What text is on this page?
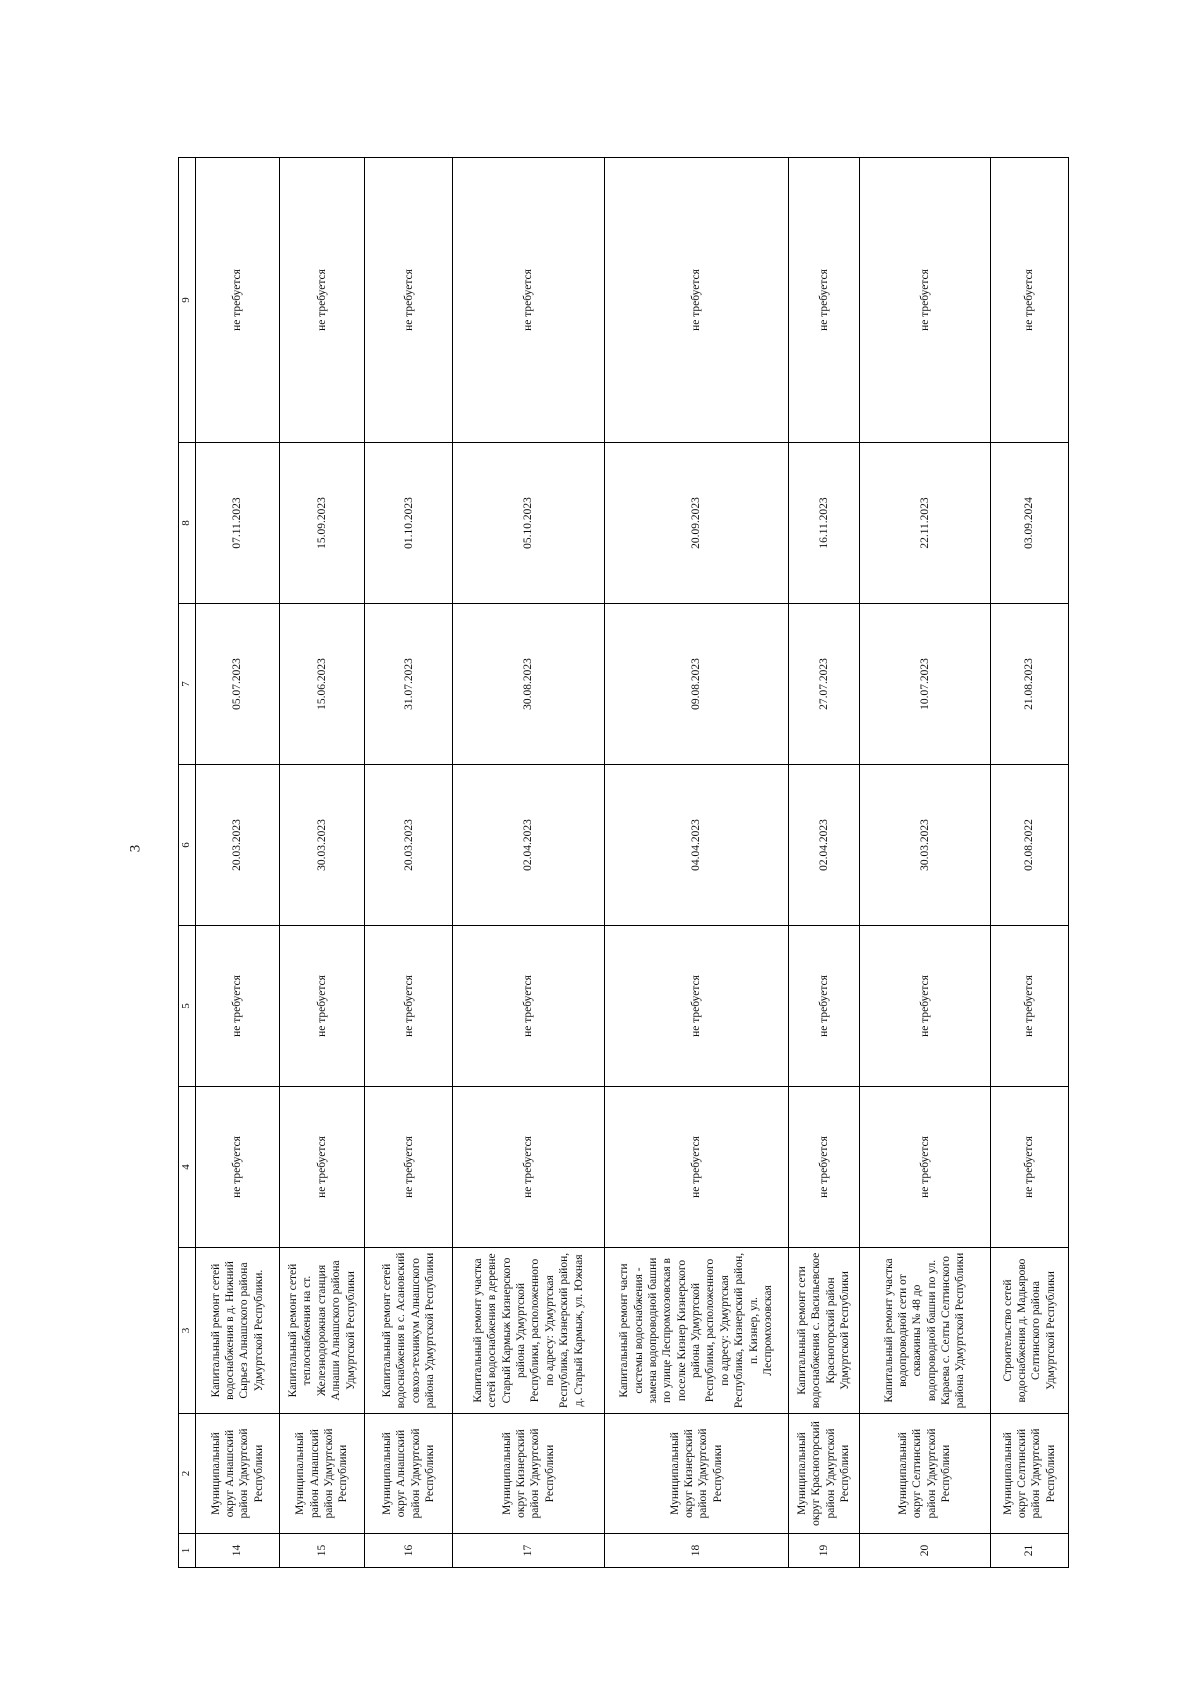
3
1	2	3	4	5	6	7	8	9
14	Муниципальный округ Алнашский район Удмуртской Республики	Капитальный ремонт сетей водоснабжения в д. Нижний Сырьез Алнашского района Удмуртской Республики.	не требуется	не требуется	20.03.2023	05.07.2023	07.11.2023	не требуется
15	Муниципальный район Алнашский район Удмуртской Республики	Капитальный ремонт сетей теплоснабжения на ст. Железнодорожная станция Алнаши Алнашского района Удмуртской Республики	не требуется	не требуется	30.03.2023	15.06.2023	15.09.2023	не требуется
16	Муниципальный округ Алнашский район Удмуртской Республики	Капитальный ремонт сетей водоснабжения в с. Асановский совхоз-техникум Алнашского района Удмуртской Республики	не требуется	не требуется	20.03.2023	31.07.2023	01.10.2023	не требуется
17	Муниципальный округ Кизнерский район Удмуртской Республики	Капитальный ремонт участка сетей водоснабжения в деревне Старый Кармыж Кизнерского района Удмуртской Республики, расположенного по адресу: Удмуртская Республика, Кизнерский район, д. Старый Кармыж, ул. Южная	не требуется	не требуется	02.04.2023	30.08.2023	05.10.2023	не требуется
18	Муниципальный округ Кизнерский район Удмуртской Республики	Капитальный ремонт части системы водоснабжения - замена водопроводной башни по улице Леспромхозовская в поселке Кизнер Кизнерского района Удмуртской Республики, расположенного по адресу: Удмуртская Республика, Кизнерский район, п. Кизнер, ул. Леспромхозовская	не требуется	не требуется	04.04.2023	09.08.2023	20.09.2023	не требуется
19	Муниципальный округ Красногорский район Удмуртской Республики	Капитальный ремонт сети водоснабжения с. Васильевское Красногорский район Удмуртской Республики	не требуется	не требуется	02.04.2023	27.07.2023	16.11.2023	не требуется
20	Муниципальный округ Селтинский район Удмуртской Республики	Капитальный ремонт участка водопроводной сети от скважины № 48 до водопроводной башни по ул. Караева с. Селты Селтинского района Удмуртской Республики	не требуется	не требуется	30.03.2023	10.07.2023	22.11.2023	не требуется
21	Муниципальный округ Селтинский район Удмуртской Республики	Строительство сетей водоснабжения д. Мадьярово Селтинского района Удмуртской Республики	не требуется	не требуется	02.08.2022	21.08.2023	03.09.2024	не требуется
